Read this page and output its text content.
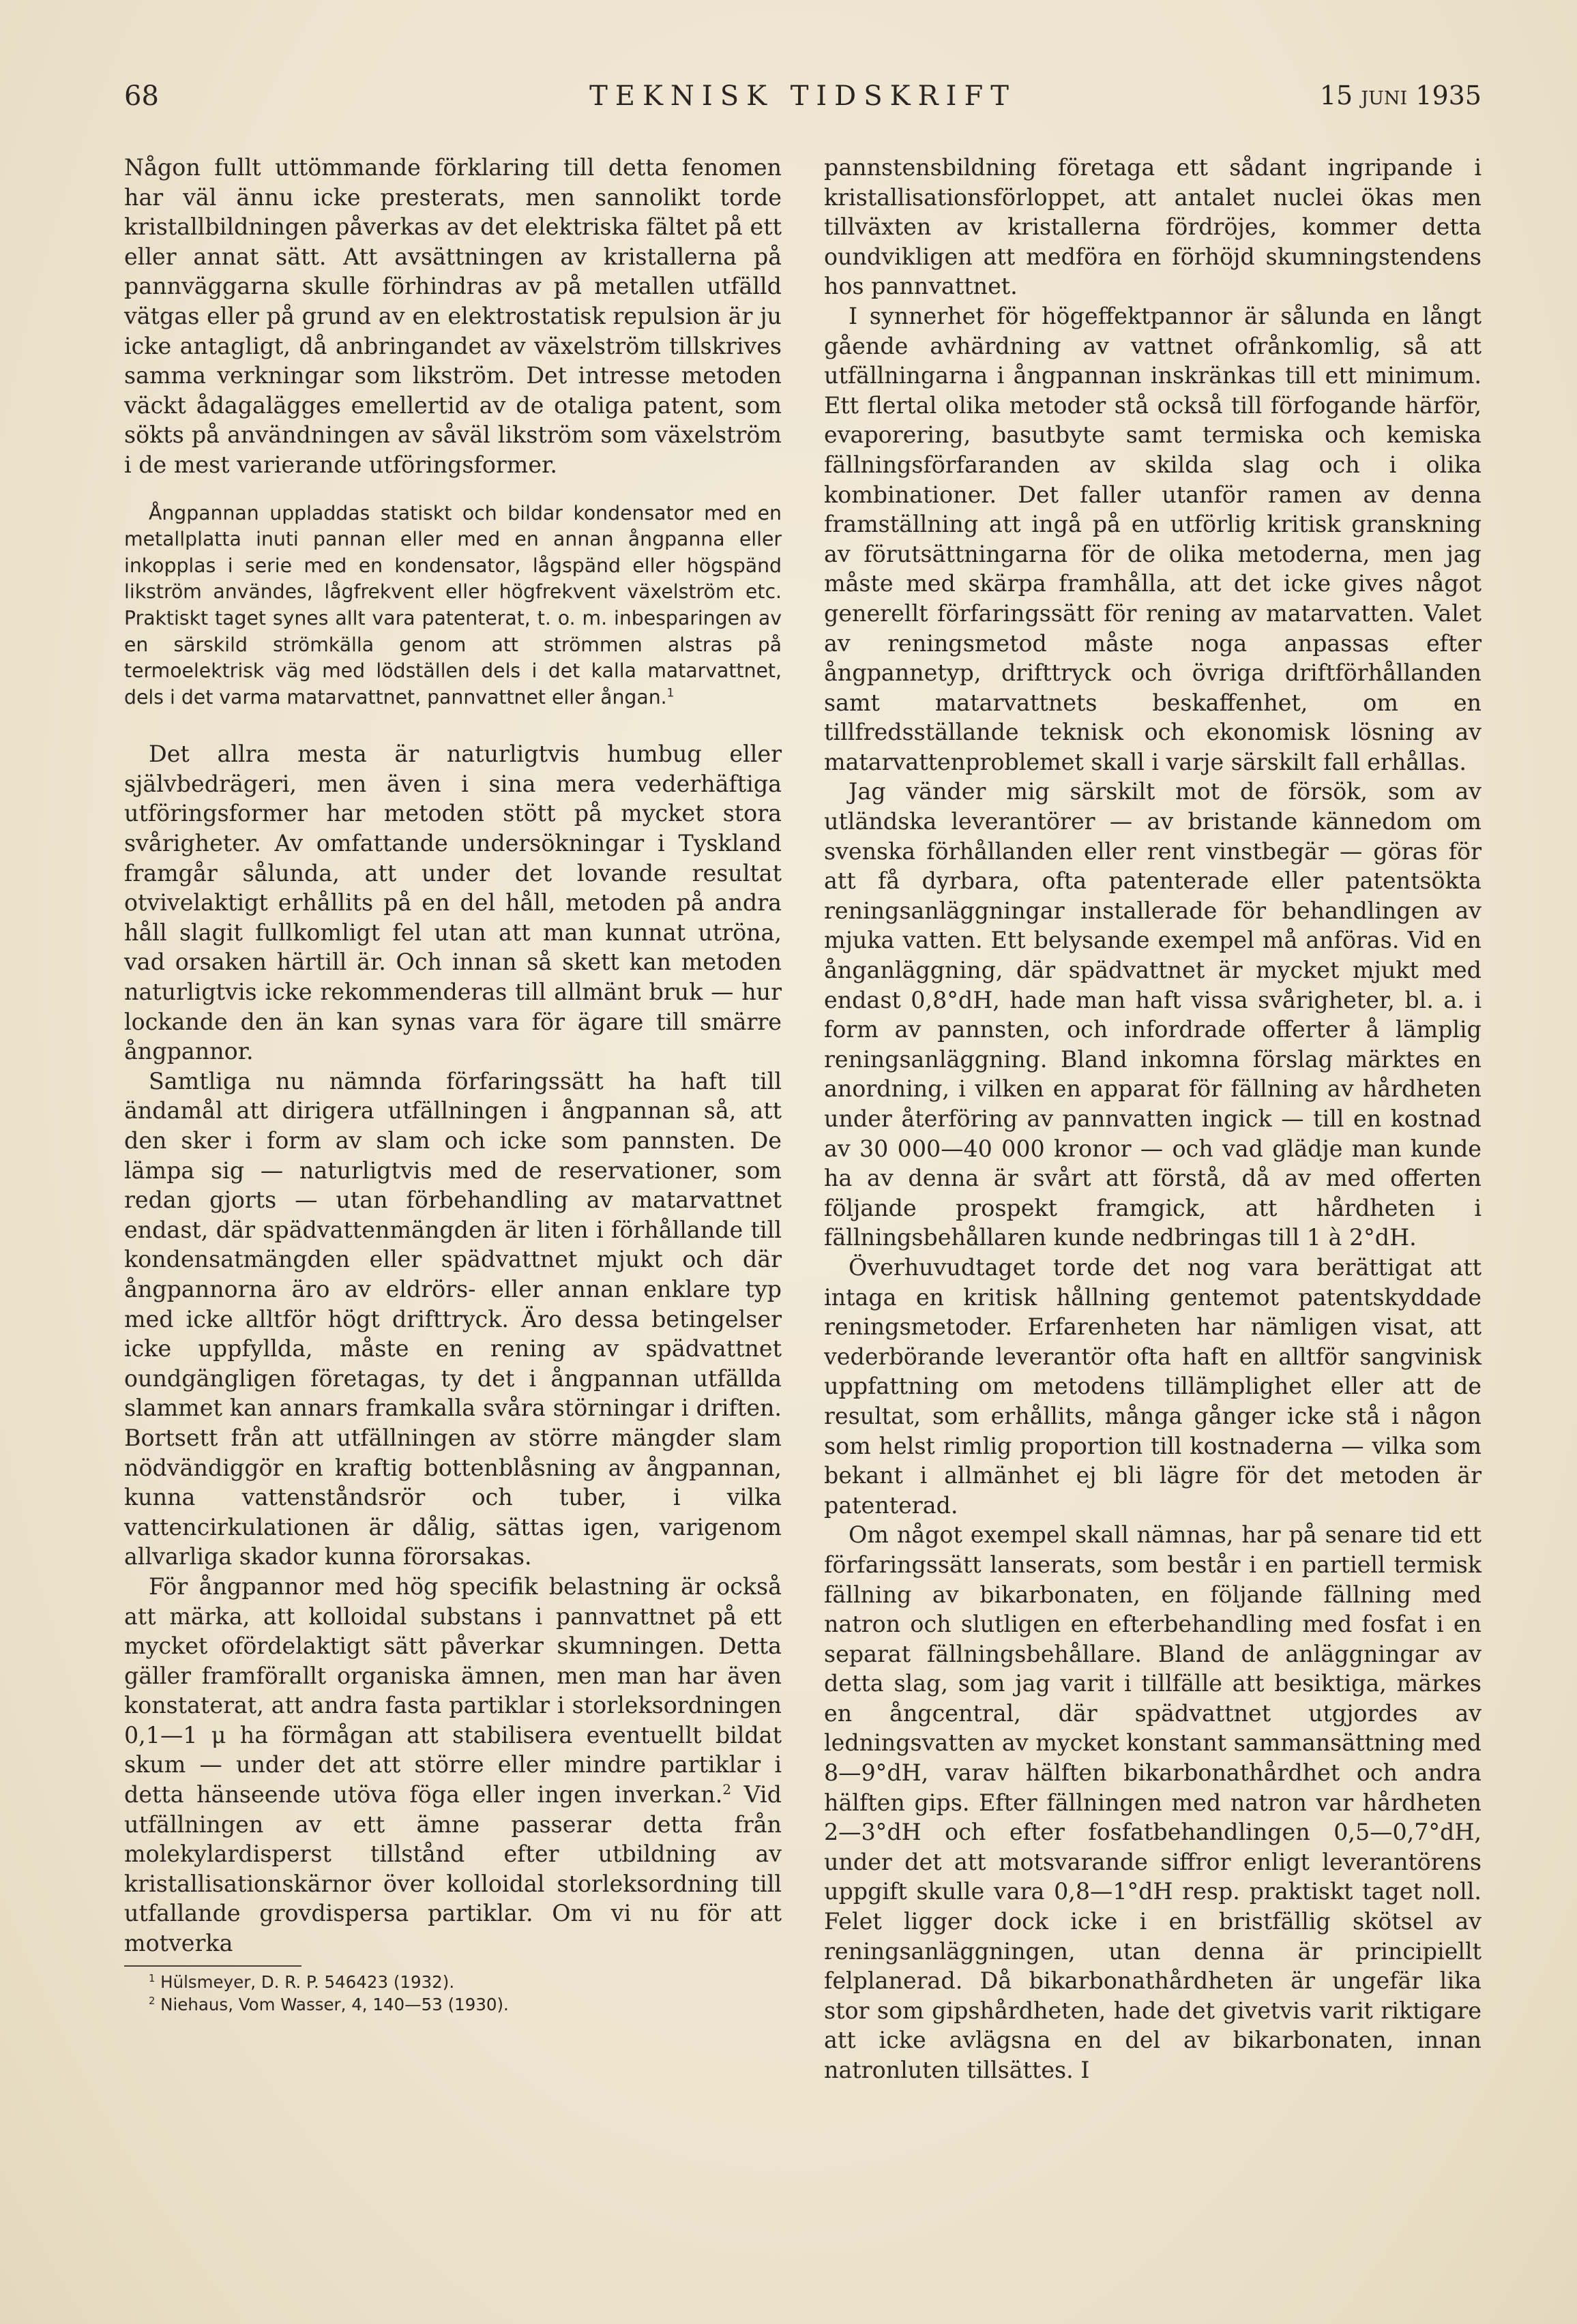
68	TEKNISK TIDSKRIFT	15 juni 1935

Någon fullt uttömmande förklaring till detta fenomen har väl ännu icke presterats, men sannolikt torde kristallbildningen påverkas av det elektriska fältet på ett eller annat sätt. Att avsättningen av kristallerna på pannväggarna skulle förhindras av på metallen utfälld vätgas eller på grund av en elektrostatisk repulsion är ju icke antagligt, då anbringandet av växelström tillskrives samma verkningar som likström. Det intresse metoden väckt ådagalägges emellertid av de otaliga patent, som sökts på användningen av såväl likström som växelström i de mest varierande utföringsformer.

Ångpannan uppladdas statiskt och bildar kondensator med en metallplatta inuti pannan eller med en annan ångpanna eller inkopplas i serie med en kondensator, lågspänd eller högspänd likström användes, lågfrekvent eller högfrekvent växelström etc. Praktiskt taget synes allt vara patenterat, t. o. m. inbesparingen av en särskild strömkälla genom att strömmen alstras på termoelektrisk väg med lödställen dels i det kalla matarvattnet, dels i det varma matarvattnet, pannvattnet eller ångan.$^1$

Det allra mesta är naturligtvis humbug eller självbedrägeri, men även i sina mera vederhäftiga utföringsformer har metoden stött på mycket stora svårigheter. Av omfattande undersökningar i Tyskland framgår sålunda, att under det lovande resultat otvivelaktigt erhållits på en del håll, metoden på andra håll slagit fullkomligt fel utan att man kunnat utröna, vad orsaken härtill är. Och innan så skett kan metoden naturligtvis icke rekommenderas till allmänt bruk — hur lockande den än kan synas vara för ägare till smärre ångpannor.

Samtliga nu nämnda förfaringssätt ha haft till ändamål att dirigera utfällningen i ångpannan så, att den sker i form av slam och icke som pannsten. De lämpa sig — naturligtvis med de reservationer, som redan gjorts — utan förbehandling av matarvattnet endast, där spädvattenmängden är liten i förhållande till kondensatmängden eller spädvattnet mjukt och där ångpannorna äro av eldrörs- eller annan enklare typ med icke alltför högt drifttryck. Äro dessa betingelser icke uppfyllda, måste en rening av spädvattnet oundgängligen företagas, ty det i ångpannan utfällda slammet kan annars framkalla svåra störningar i driften. Bortsett från att utfällningen av större mängder slam nödvändiggör en kraftig bottenblåsning av ångpannan, kunna vattenståndsrör och tuber, i vilka vattencirkulationen är dålig, sättas igen, varigenom allvarliga skador kunna förorsakas.

För ångpannor med hög specifik belastning är också att märka, att kolloidal substans i pannvattnet på ett mycket ofördelaktigt sätt påverkar skumningen. Detta gäller framförallt organiska ämnen, men man har även konstaterat, att andra fasta partiklar i storleksordningen 0,1—1 μ ha förmågan att stabilisera eventuellt bildat skum — under det att större eller mindre partiklar i detta hänseende utöva föga eller ingen inverkan.$^2$ Vid utfällningen av ett ämne passerar detta från molekylardisperst tillstånd efter utbildning av kristallisationskärnor över kolloidal storleksordning till utfallande grovdispersa partiklar. Om vi nu för att motverka

$^1$ Hülsmeyer, D. R. P. 546423 (1932).

$^2$ Niehaus, Vom Wasser, 4, 140—53 (1930).

pannstensbildning företaga ett sådant ingripande i kristallisationsförloppet, att antalet nuclei ökas men tillväxten av kristallerna fördröjes, kommer detta oundvikligen att medföra en förhöjd skumningstendens hos pannvattnet.

I synnerhet för högeffektpannor är sålunda en långt gående avhärdning av vattnet ofrånkomlig, så att utfällningarna i ångpannan inskränkas till ett minimum. Ett flertal olika metoder stå också till förfogande härför, evaporering, basutbyte samt termiska och kemiska fällningsförfaranden av skilda slag och i olika kombinationer. Det faller utanför ramen av denna framställning att ingå på en utförlig kritisk granskning av förutsättningarna för de olika metoderna, men jag måste med skärpa framhålla, att det icke gives något generellt förfaringssätt för rening av matarvatten. Valet av reningsmetod måste noga anpassas efter ångpannetyp, drifttryck och övriga driftförhållanden samt matarvattnets beskaffenhet, om en tillfredsställande teknisk och ekonomisk lösning av matarvattenproblemet skall i varje särskilt fall erhållas.

Jag vänder mig särskilt mot de försök, som av utländska leverantörer — av bristande kännedom om svenska förhållanden eller rent vinstbegär — göras för att få dyrbara, ofta patenterade eller patentsökta reningsanläggningar installerade för behandlingen av mjuka vatten. Ett belysande exempel må anföras. Vid en ånganläggning, där spädvattnet är mycket mjukt med endast 0,8°dH, hade man haft vissa svårigheter, bl. a. i form av pannsten, och infordrade offerter å lämplig reningsanläggning. Bland inkomna förslag märktes en anordning, i vilken en apparat för fällning av hårdheten under återföring av pannvatten ingick — till en kostnad av 30 000—40 000 kronor — och vad glädje man kunde ha av denna är svårt att förstå, då av med offerten följande prospekt framgick, att hårdheten i fällningsbehållaren kunde nedbringas till 1 à 2°dH.

Överhuvudtaget torde det nog vara berättigat att intaga en kritisk hållning gentemot patentskyddade reningsmetoder. Erfarenheten har nämligen visat, att vederbörande leverantör ofta haft en alltför sangvinisk uppfattning om metodens tillämplighet eller att de resultat, som erhållits, många gånger icke stå i någon som helst rimlig proportion till kostnaderna — vilka som bekant i allmänhet ej bli lägre för det metoden är patenterad.

Om något exempel skall nämnas, har på senare tid ett förfaringssätt lanserats, som består i en partiell termisk fällning av bikarbonaten, en följande fällning med natron och slutligen en efterbehandling med fosfat i en separat fällningsbehållare. Bland de anläggningar av detta slag, som jag varit i tillfälle att besiktiga, märkes en ångcentral, där spädvattnet utgjordes av ledningsvatten av mycket konstant sammansättning med 8—9°dH, varav hälften bikarbonathårdhet och andra hälften gips. Efter fällningen med natron var hårdheten 2—3°dH och efter fosfatbehandlingen 0,5—0,7°dH, under det att motsvarande siffror enligt leverantörens uppgift skulle vara 0,8—1°dH resp. praktiskt taget noll. Felet ligger dock icke i en bristfällig skötsel av reningsanläggningen, utan denna är principiellt felplanerad. Då bikarbonathårdheten är ungefär lika stor som gipshårdheten, hade det givetvis varit riktigare att icke avlägsna en del av bikarbonaten, innan natronluten tillsättes. I
